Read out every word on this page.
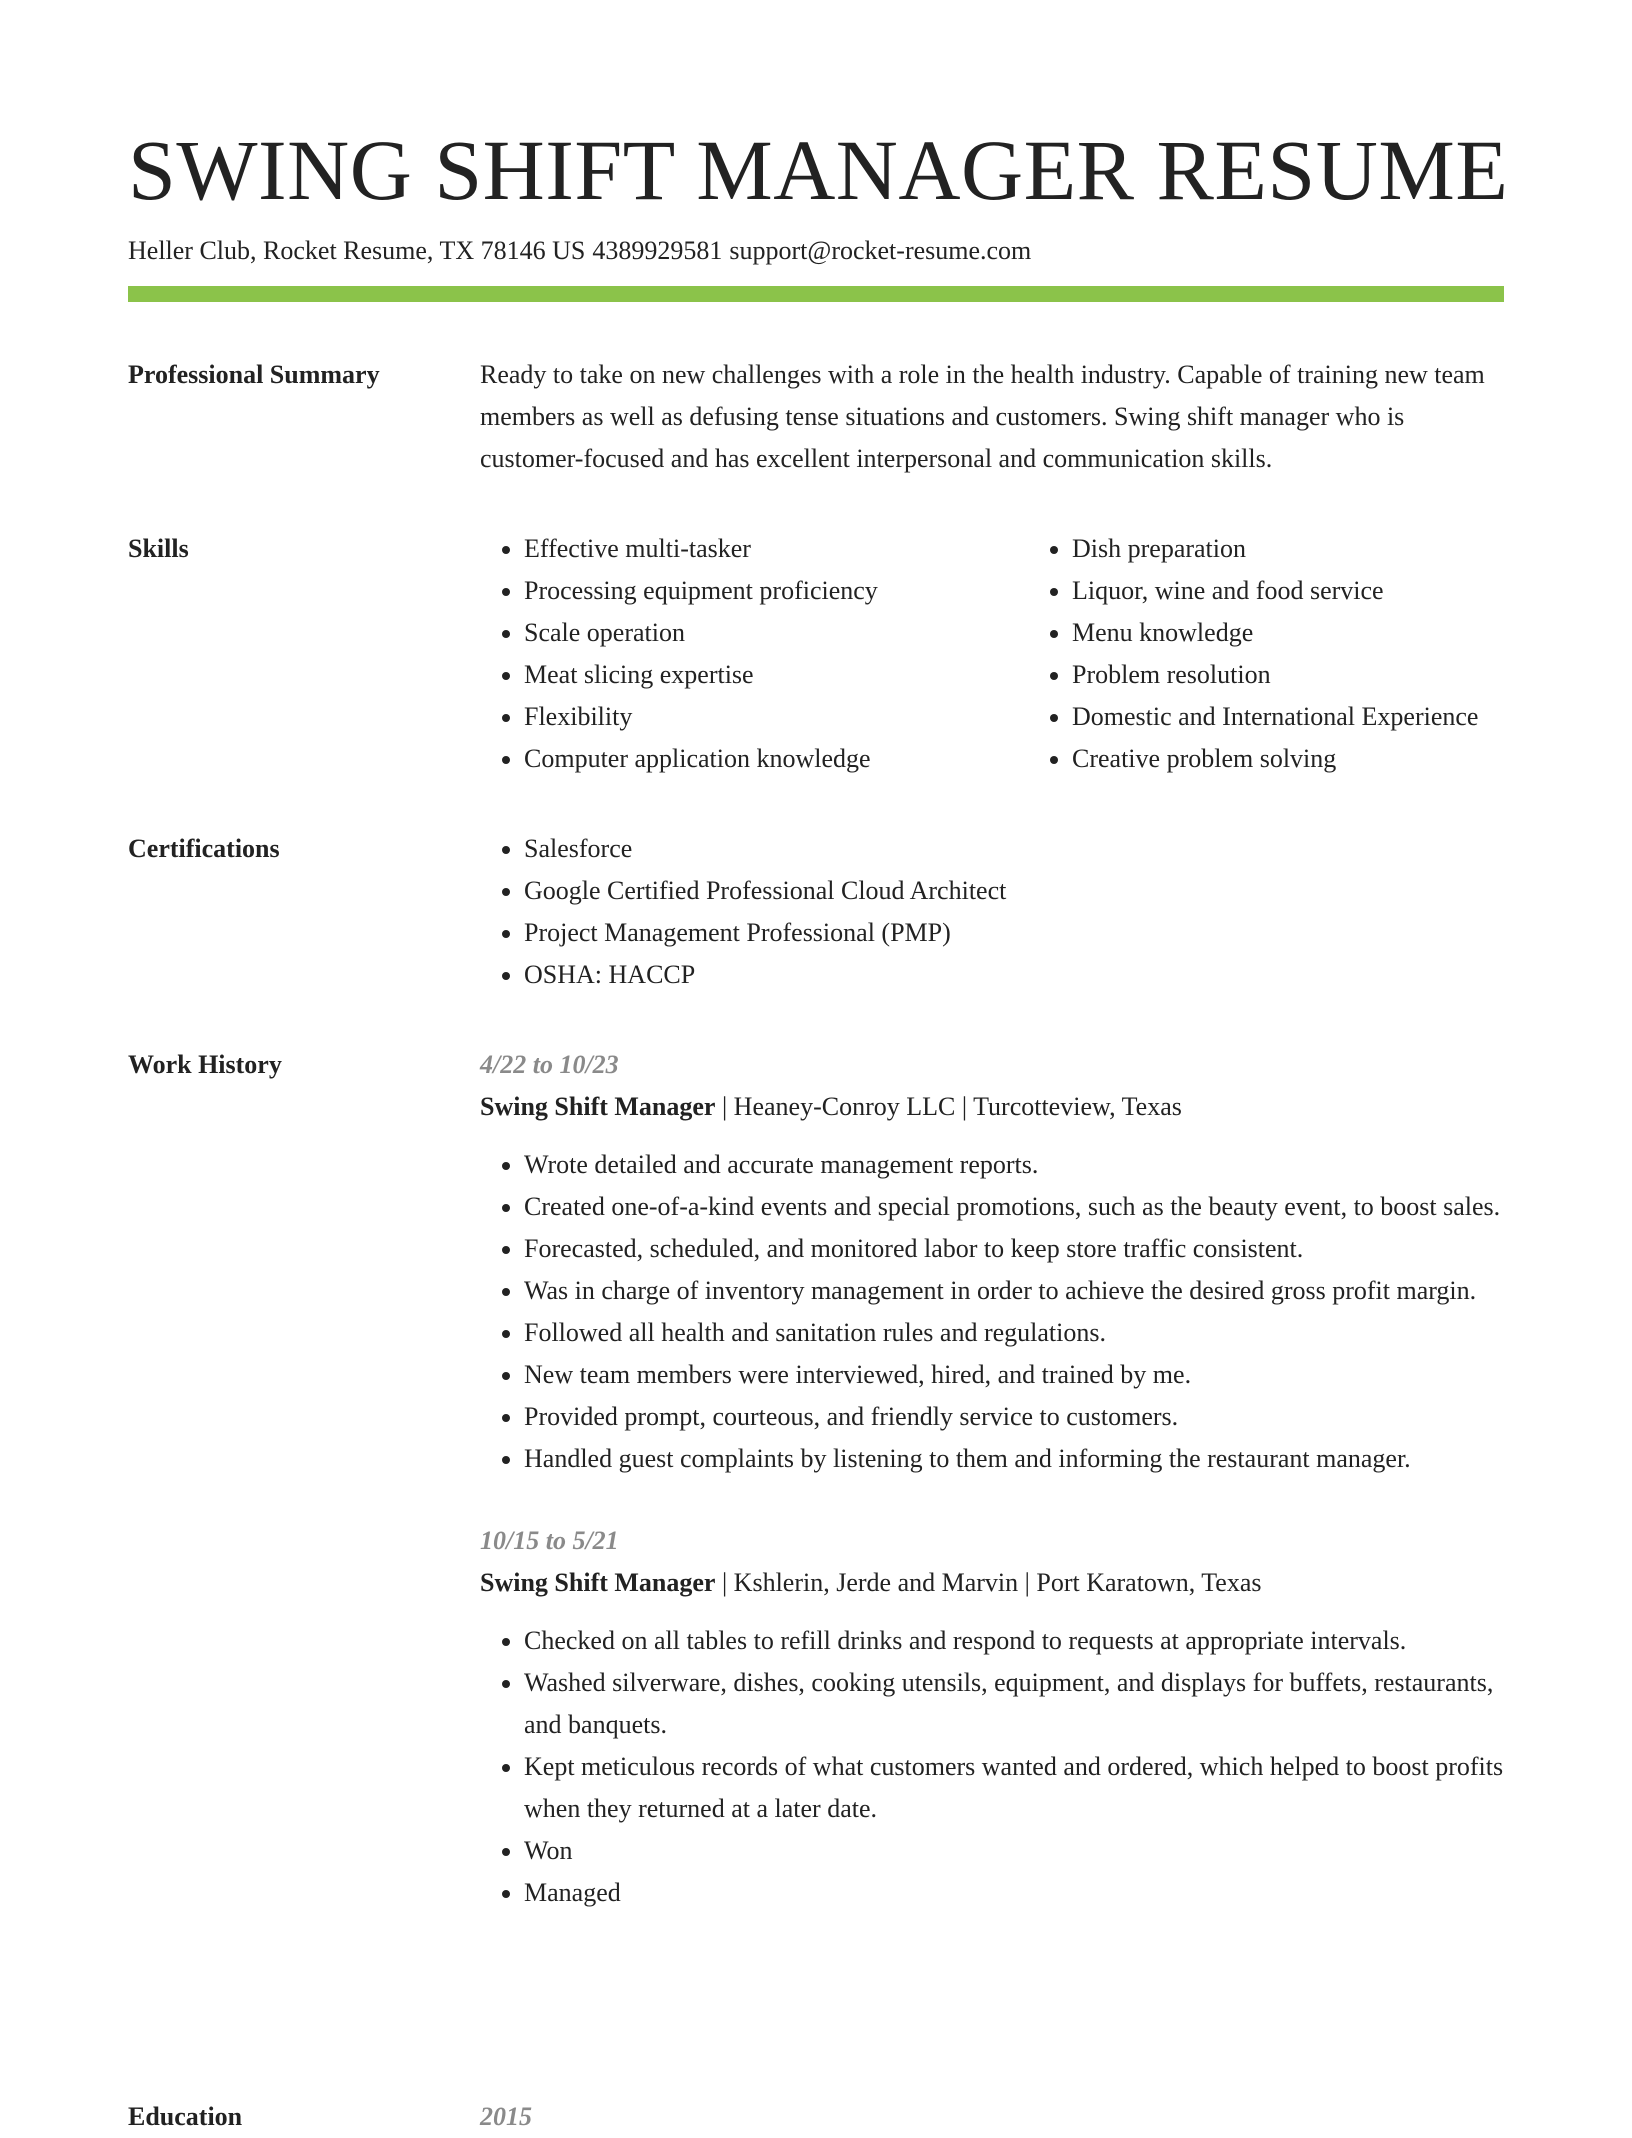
SWING SHIFT MANAGER RESUME
Heller Club, Rocket Resume, TX 78146 US 4389929581 support@rocket-resume.com
Professional Summary	Ready to take on new challenges with a role in the health industry. Capable of training new team members as well as defusing tense situations and customers. Swing shift manager who is customer-focused and has excellent interpersonal and communication skills.

Skills	• Effective multi-tasker
• Processing equipment proficiency
• Scale operation
• Meat slicing expertise
• Flexibility
• Computer application knowledge
• Dish preparation
• Liquor, wine and food service
• Menu knowledge
• Problem resolution
• Domestic and International Experience
• Creative problem solving
Certifications	• Salesforce
• Google Certified Professional Cloud Architect
• Project Management Professional (PMP)
• OSHA: HACCP
Work History	4/22 to 10/23
Swing Shift Manager | Heaney-Conroy LLC | Turcotteview, Texas
• Wrote detailed and accurate management reports.
• Created one-of-a-kind events and special promotions, such as the beauty event, to boost sales.
• Forecasted, scheduled, and monitored labor to keep store traffic consistent.
• Was in charge of inventory management in order to achieve the desired gross profit margin.
• Followed all health and sanitation rules and regulations.
• New team members were interviewed, hired, and trained by me.
• Provided prompt, courteous, and friendly service to customers.
• Handled guest complaints by listening to them and informing the restaurant manager.
10/15 to 5/21
Swing Shift Manager | Kshlerin, Jerde and Marvin | Port Karatown, Texas
• Checked on all tables to refill drinks and respond to requests at appropriate intervals.
• Washed silverware, dishes, cooking utensils, equipment, and displays for buffets, restaurants, and banquets.
• Kept meticulous records of what customers wanted and ordered, which helped to boost profits when they returned at a later date.
• Won
• Managed
Education	2015
